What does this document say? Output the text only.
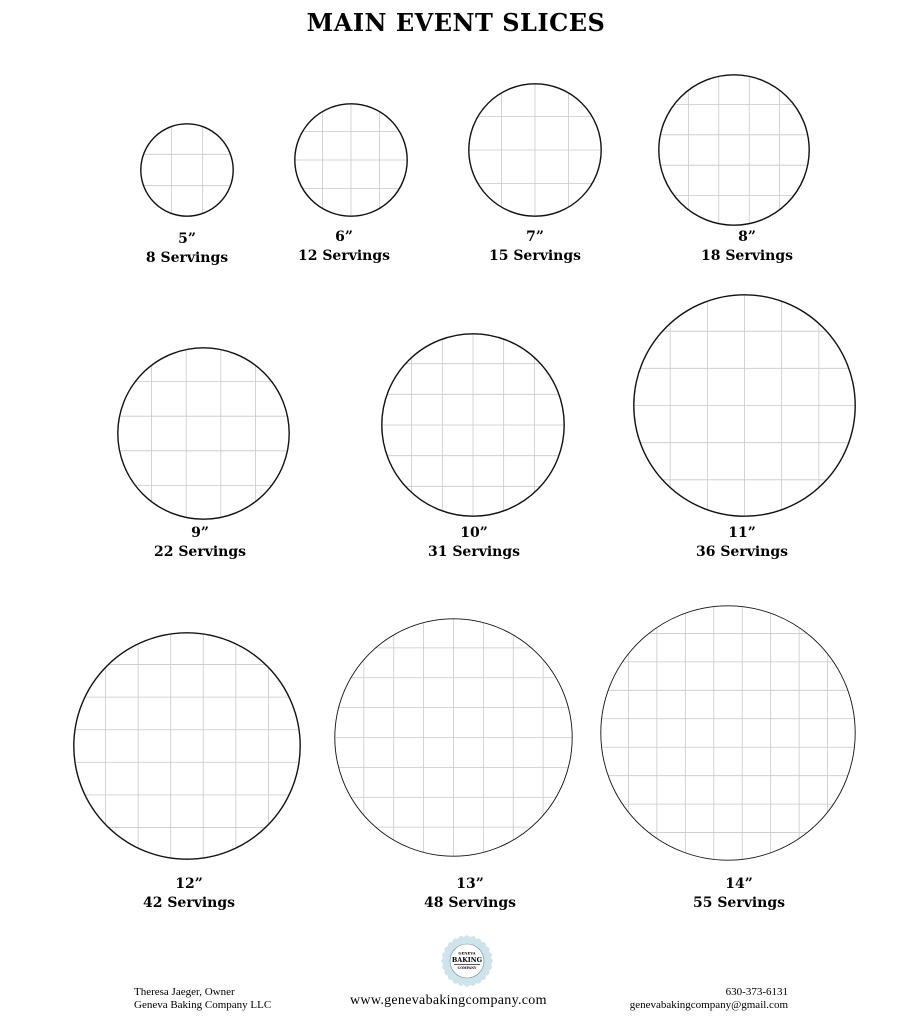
MAIN EVENT SLICES
5”
8 Servings
6”
12 Servings
7”
15 Servings
8”
18 Servings
9”
22 Servings
10”
31 Servings
11”
36 Servings
12”
42 Servings
13”
48 Servings
14”
55 Servings
GENEVA
BAKING
COMPANY
Theresa Jaeger, Owner
Geneva Baking Company LLC	www.genevabakingcompany.com
630-373-6131
genevabakingcompany@gmail.com
